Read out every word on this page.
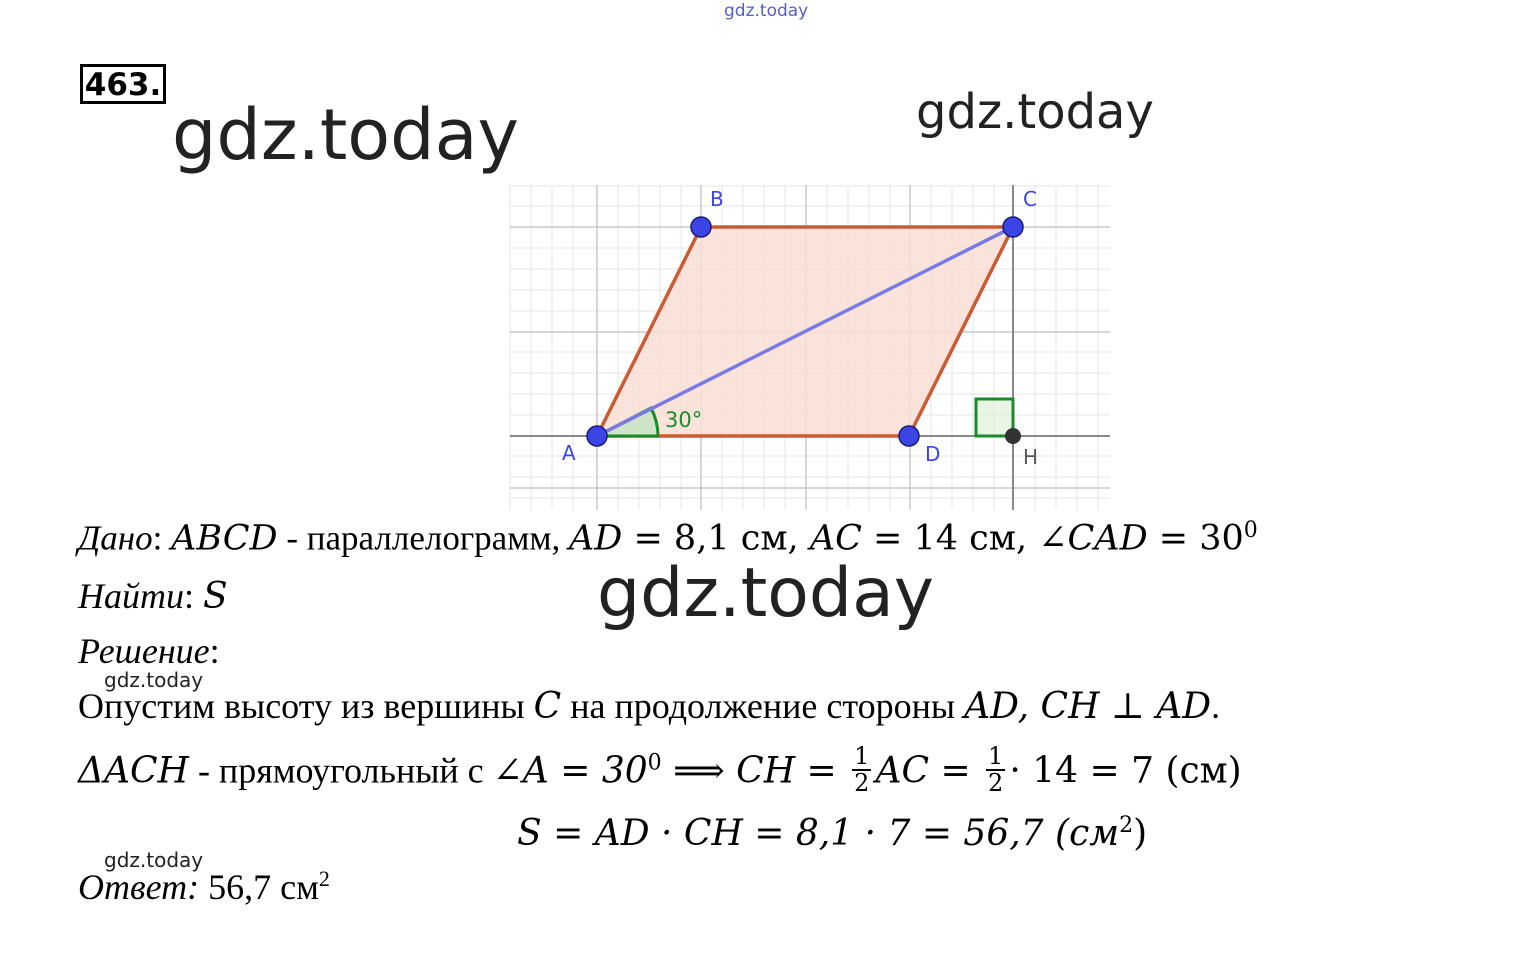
gdz.today
gdz.today	gdz.today
463.
30°
A
B	C
D	H
Дано: ABCD - параллелограмм, AD = 8,1 см, AC = 14 см, ∠CAD = $30^0$
gdz.today
Найти: S
Решение:
gdz.today
Опустим высоту из вершины C на продолжение стороны AD, CH ⊥ AD.
ΔACH - прямоугольный с ∠A = $30^0$ ⟹ CH = $\frac{1}{2}$ AC = $\frac{1}{2} \cdot 14 = 7$ (см)
S = AD · CH = 8,1 · 7 = 56,7 $(см^2)$
gdz.today
Ответ: 56,7 $см^2$
